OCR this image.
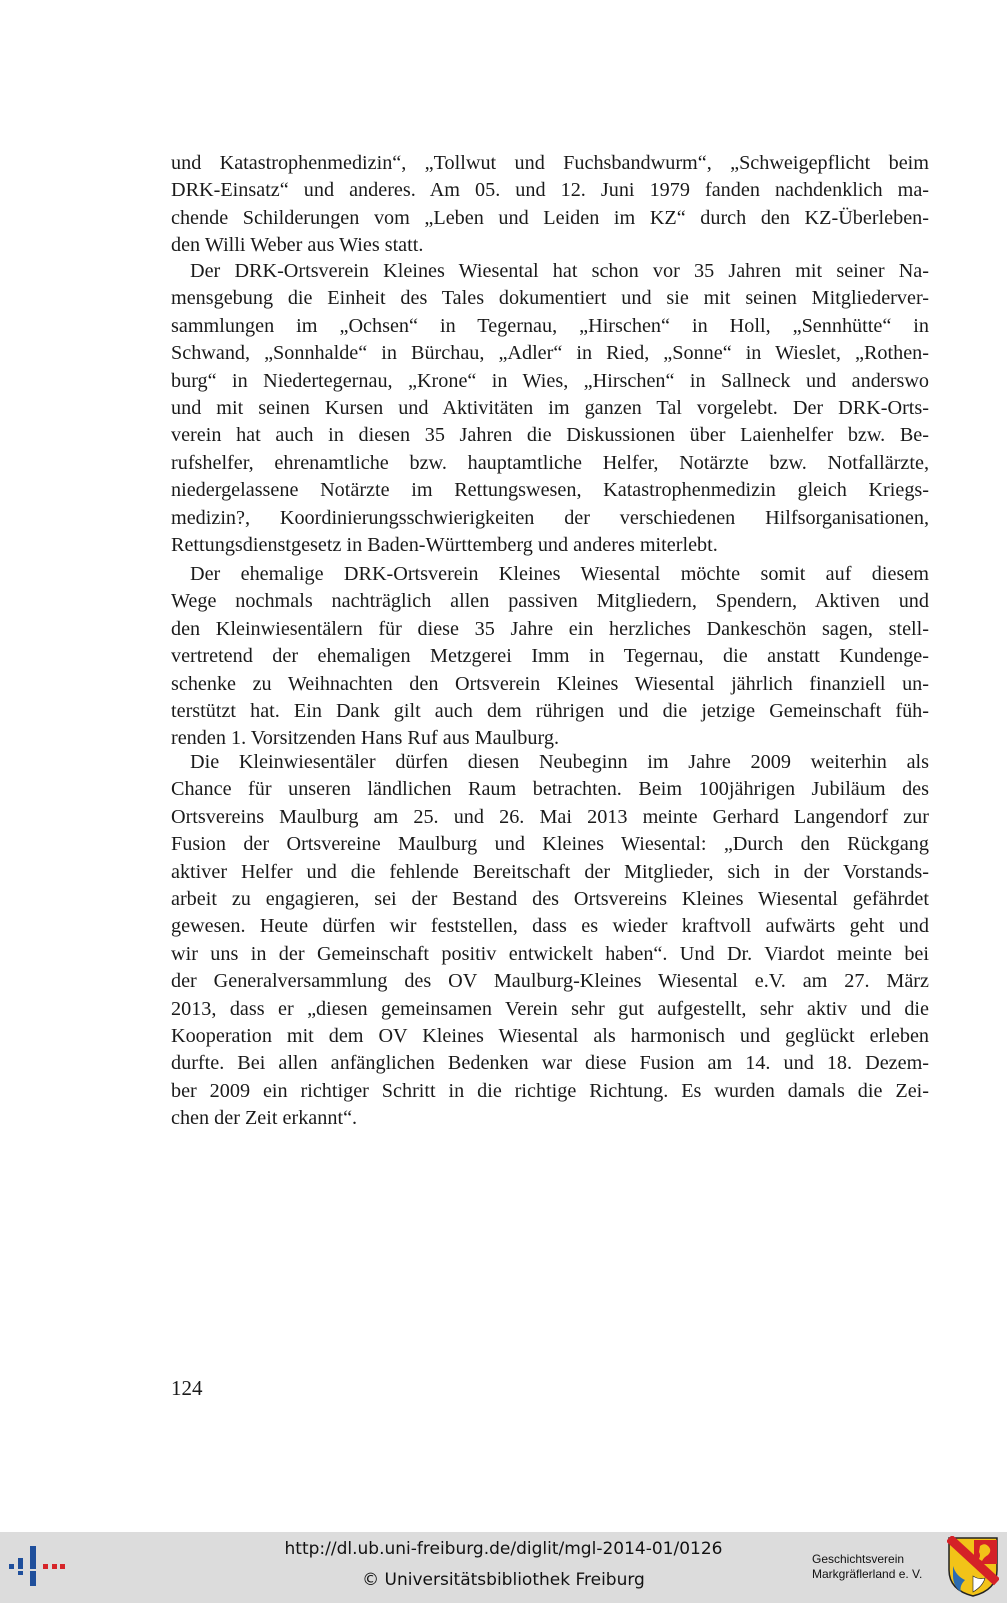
und Katastrophenmedizin“, „Tollwut und Fuchsbandwurm“, „Schweigepflicht beim
DRK-Einsatz“ und anderes. Am 05. und 12. Juni 1979 fanden nachdenklich ma-
chende Schilderungen vom „Leben und Leiden im KZ“ durch den KZ-Überleben-
den Willi Weber aus Wies statt.
Der DRK-Ortsverein Kleines Wiesental hat schon vor 35 Jahren mit seiner Na-
mensgebung die Einheit des Tales dokumentiert und sie mit seinen Mitgliederver-
sammlungen im „Ochsen“ in Tegernau, „Hirschen“ in Holl, „Sennhütte“ in
Schwand, „Sonnhalde“ in Bürchau, „Adler“ in Ried, „Sonne“ in Wieslet, „Rothen-
burg“ in Niedertegernau, „Krone“ in Wies, „Hirschen“ in Sallneck und anderswo
und mit seinen Kursen und Aktivitäten im ganzen Tal vorgelebt. Der DRK-Orts-
verein hat auch in diesen 35 Jahren die Diskussionen über Laienhelfer bzw. Be-
rufshelfer, ehrenamtliche bzw. hauptamtliche Helfer, Notärzte bzw. Notfallärzte,
niedergelassene Notärzte im Rettungswesen, Katastrophenmedizin gleich Kriegs-
medizin?, Koordinierungsschwierigkeiten der verschiedenen Hilfsorganisationen,
Rettungsdienstgesetz in Baden-Württemberg und anderes miterlebt.
Der ehemalige DRK-Ortsverein Kleines Wiesental möchte somit auf diesem
Wege nochmals nachträglich allen passiven Mitgliedern, Spendern, Aktiven und
den Kleinwiesentälern für diese 35 Jahre ein herzliches Dankeschön sagen, stell-
vertretend der ehemaligen Metzgerei Imm in Tegernau, die anstatt Kundenge-
schenke zu Weihnachten den Ortsverein Kleines Wiesental jährlich finanziell un-
terstützt hat. Ein Dank gilt auch dem rührigen und die jetzige Gemeinschaft füh-
renden 1. Vorsitzenden Hans Ruf aus Maulburg.
Die Kleinwiesentäler dürfen diesen Neubeginn im Jahre 2009 weiterhin als
Chance für unseren ländlichen Raum betrachten. Beim 100jährigen Jubiläum des
Ortsvereins Maulburg am 25. und 26. Mai 2013 meinte Gerhard Langendorf zur
Fusion der Ortsvereine Maulburg und Kleines Wiesental: „Durch den Rückgang
aktiver Helfer und die fehlende Bereitschaft der Mitglieder, sich in der Vorstands-
arbeit zu engagieren, sei der Bestand des Ortsvereins Kleines Wiesental gefährdet
gewesen. Heute dürfen wir feststellen, dass es wieder kraftvoll aufwärts geht und
wir uns in der Gemeinschaft positiv entwickelt haben“. Und Dr. Viardot meinte bei
der Generalversammlung des OV Maulburg-Kleines Wiesental e.V. am 27. März
2013, dass er „diesen gemeinsamen Verein sehr gut aufgestellt, sehr aktiv und die
Kooperation mit dem OV Kleines Wiesental als harmonisch und geglückt erleben
durfte. Bei allen anfänglichen Bedenken war diese Fusion am 14. und 18. Dezem-
ber 2009 ein richtiger Schritt in die richtige Richtung. Es wurden damals die Zei-
chen der Zeit erkannt“.
124
http://dl.ub.uni-freiburg.de/diglit/mgl-2014-01/0126
© Universitätsbibliothek Freiburg
Geschichtsverein
Markgräflerland e. V.
